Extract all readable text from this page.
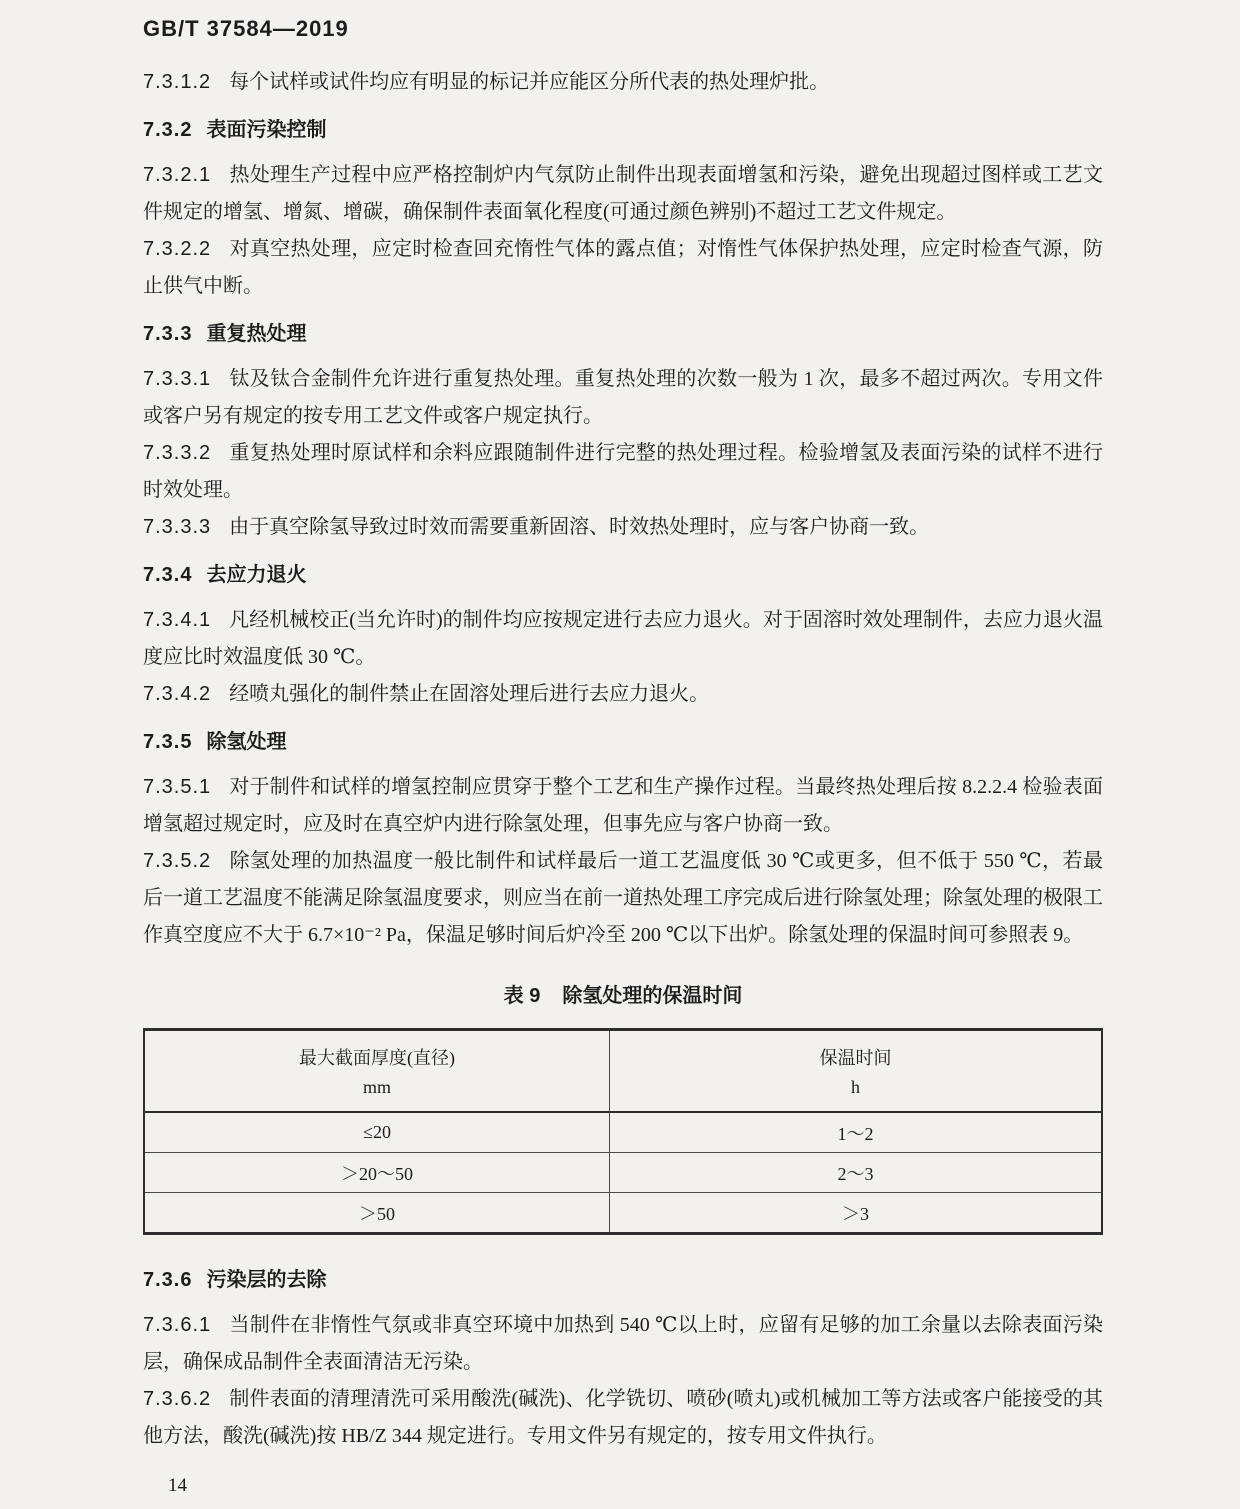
GB/T 37584—2019

7.3.1.2 每个试样或试件均应有明显的标记并应能区分所代表的热处理炉批。

7.3.2 表面污染控制

7.3.2.1 热处理生产过程中应严格控制炉内气氛防止制件出现表面增氢和污染，避免出现超过图样或工艺文件规定的增氢、增氮、增碳，确保制件表面氧化程度(可通过颜色辨别)不超过工艺文件规定。

7.3.2.2 对真空热处理，应定时检查回充惰性气体的露点值；对惰性气体保护热处理，应定时检查气源，防止供气中断。

7.3.3 重复热处理

7.3.3.1 钛及钛合金制件允许进行重复热处理。重复热处理的次数一般为 1 次，最多不超过两次。专用文件或客户另有规定的按专用工艺文件或客户规定执行。

7.3.3.2 重复热处理时原试样和余料应跟随制件进行完整的热处理过程。检验增氢及表面污染的试样不进行时效处理。

7.3.3.3 由于真空除氢导致过时效而需要重新固溶、时效热处理时，应与客户协商一致。

7.3.4 去应力退火

7.3.4.1 凡经机械校正(当允许时)的制件均应按规定进行去应力退火。对于固溶时效处理制件，去应力退火温度应比时效温度低 30 ℃。

7.3.4.2 经喷丸强化的制件禁止在固溶处理后进行去应力退火。

7.3.5 除氢处理

7.3.5.1 对于制件和试样的增氢控制应贯穿于整个工艺和生产操作过程。当最终热处理后按 8.2.2.4 检验表面增氢超过规定时，应及时在真空炉内进行除氢处理，但事先应与客户协商一致。

7.3.5.2 除氢处理的加热温度一般比制件和试样最后一道工艺温度低 30 ℃或更多，但不低于 550 ℃，若最后一道工艺温度不能满足除氢温度要求，则应当在前一道热处理工序完成后进行除氢处理；除氢处理的极限工作真空度应不大于 6.7×10⁻² Pa，保温足够时间后炉冷至 200 ℃以下出炉。除氢处理的保温时间可参照表 9。

表 9 除氢处理的保温时间
最大截面厚度(直径)
mm

保温时间
h

≤20	1～2
＞20～50	2～3
＞50	＞3
7.3.6 污染层的去除

7.3.6.1 当制件在非惰性气氛或非真空环境中加热到 540 ℃以上时，应留有足够的加工余量以去除表面污染层，确保成品制件全表面清洁无污染。

7.3.6.2 制件表面的清理清洗可采用酸洗(碱洗)、化学铣切、喷砂(喷丸)或机械加工等方法或客户能接受的其他方法，酸洗(碱洗)按 HB/Z 344 规定进行。专用文件另有规定的，按专用文件执行。

14
